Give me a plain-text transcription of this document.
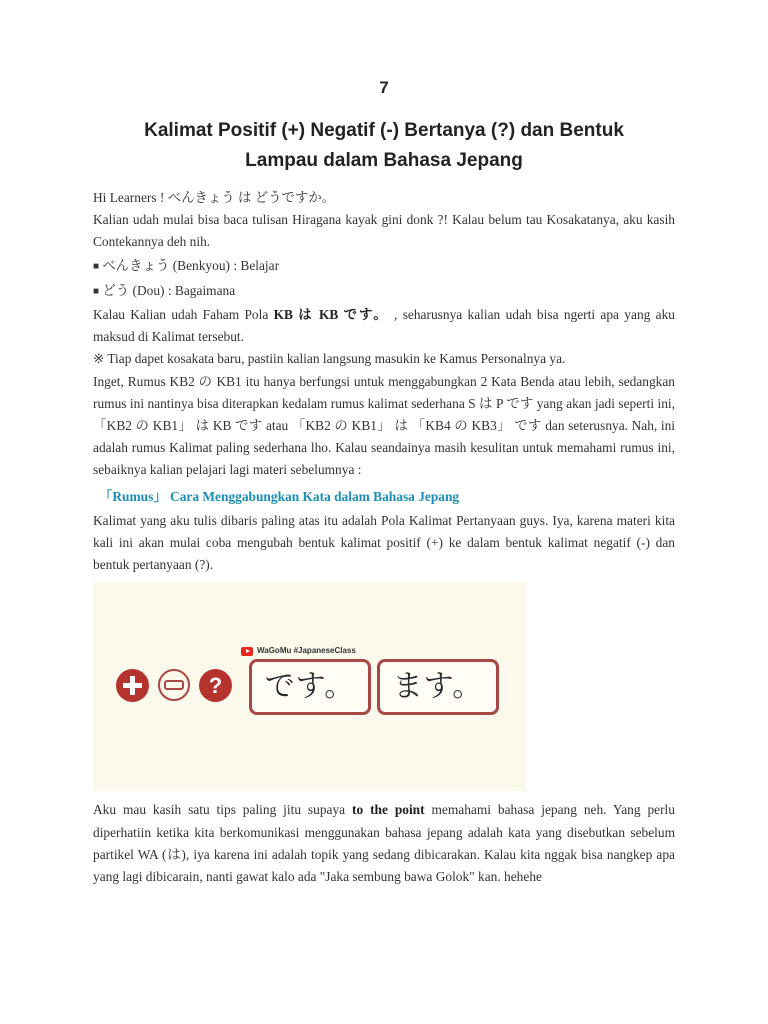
7
Kalimat Positif (+) Negatif (-) Bertanya (?) dan Bentuk
Lampau dalam Bahasa Jepang

Hi Learners ! べんきょう は どうですか。

Kalian udah mulai bisa baca tulisan Hiragana kayak gini donk ?! Kalau belum tau Kosakatanya, aku kasih Contekannya deh nih.

■ べんきょう (Benkyou) : Belajar
■ どう (Dou) : Bagaimana

Kalau Kalian udah Faham Pola KB は KB です。 , seharusnya kalian udah bisa ngerti apa yang aku maksud di Kalimat tersebut.

※ Tiap dapet kosakata baru, pastiin kalian langsung masukin ke Kamus Personalnya ya.

Inget, Rumus KB2 の KB1 itu hanya berfungsi untuk menggabungkan 2 Kata Benda atau lebih, sedangkan rumus ini nantinya bisa diterapkan kedalam rumus kalimat sederhana S は P です yang akan jadi seperti ini, 「KB2 の KB1」 は KB です atau 「KB2 の KB1」 は 「KB4 の KB3」 です dan seterusnya. Nah, ini adalah rumus Kalimat paling sederhana lho. Kalau seandainya masih kesulitan untuk memahami rumus ini, sebaiknya kalian pelajari lagi materi sebelumnya :

「Rumus」 Cara Menggabungkan Kata dalam Bahasa Jepang

Kalimat yang aku tulis dibaris paling atas itu adalah Pola Kalimat Pertanyaan guys. Iya, karena materi kita kali ini akan mulai coba mengubah bentuk kalimat positif (+) ke dalam bentuk kalimat negatif (-) dan bentuk pertanyaan (?).

WaGoMu #JapaneseClass
?	です。	ます。

Aku mau kasih satu tips paling jitu supaya to the point memahami bahasa jepang neh. Yang perlu diperhatiin ketika kita berkomunikasi menggunakan bahasa jepang adalah kata yang disebutkan sebelum partikel WA (は), iya karena ini adalah topik yang sedang dibicarakan. Kalau kita nggak bisa nangkep apa yang lagi dibicarain, nanti gawat kalo ada "Jaka sembung bawa Golok" kan. hehehe
